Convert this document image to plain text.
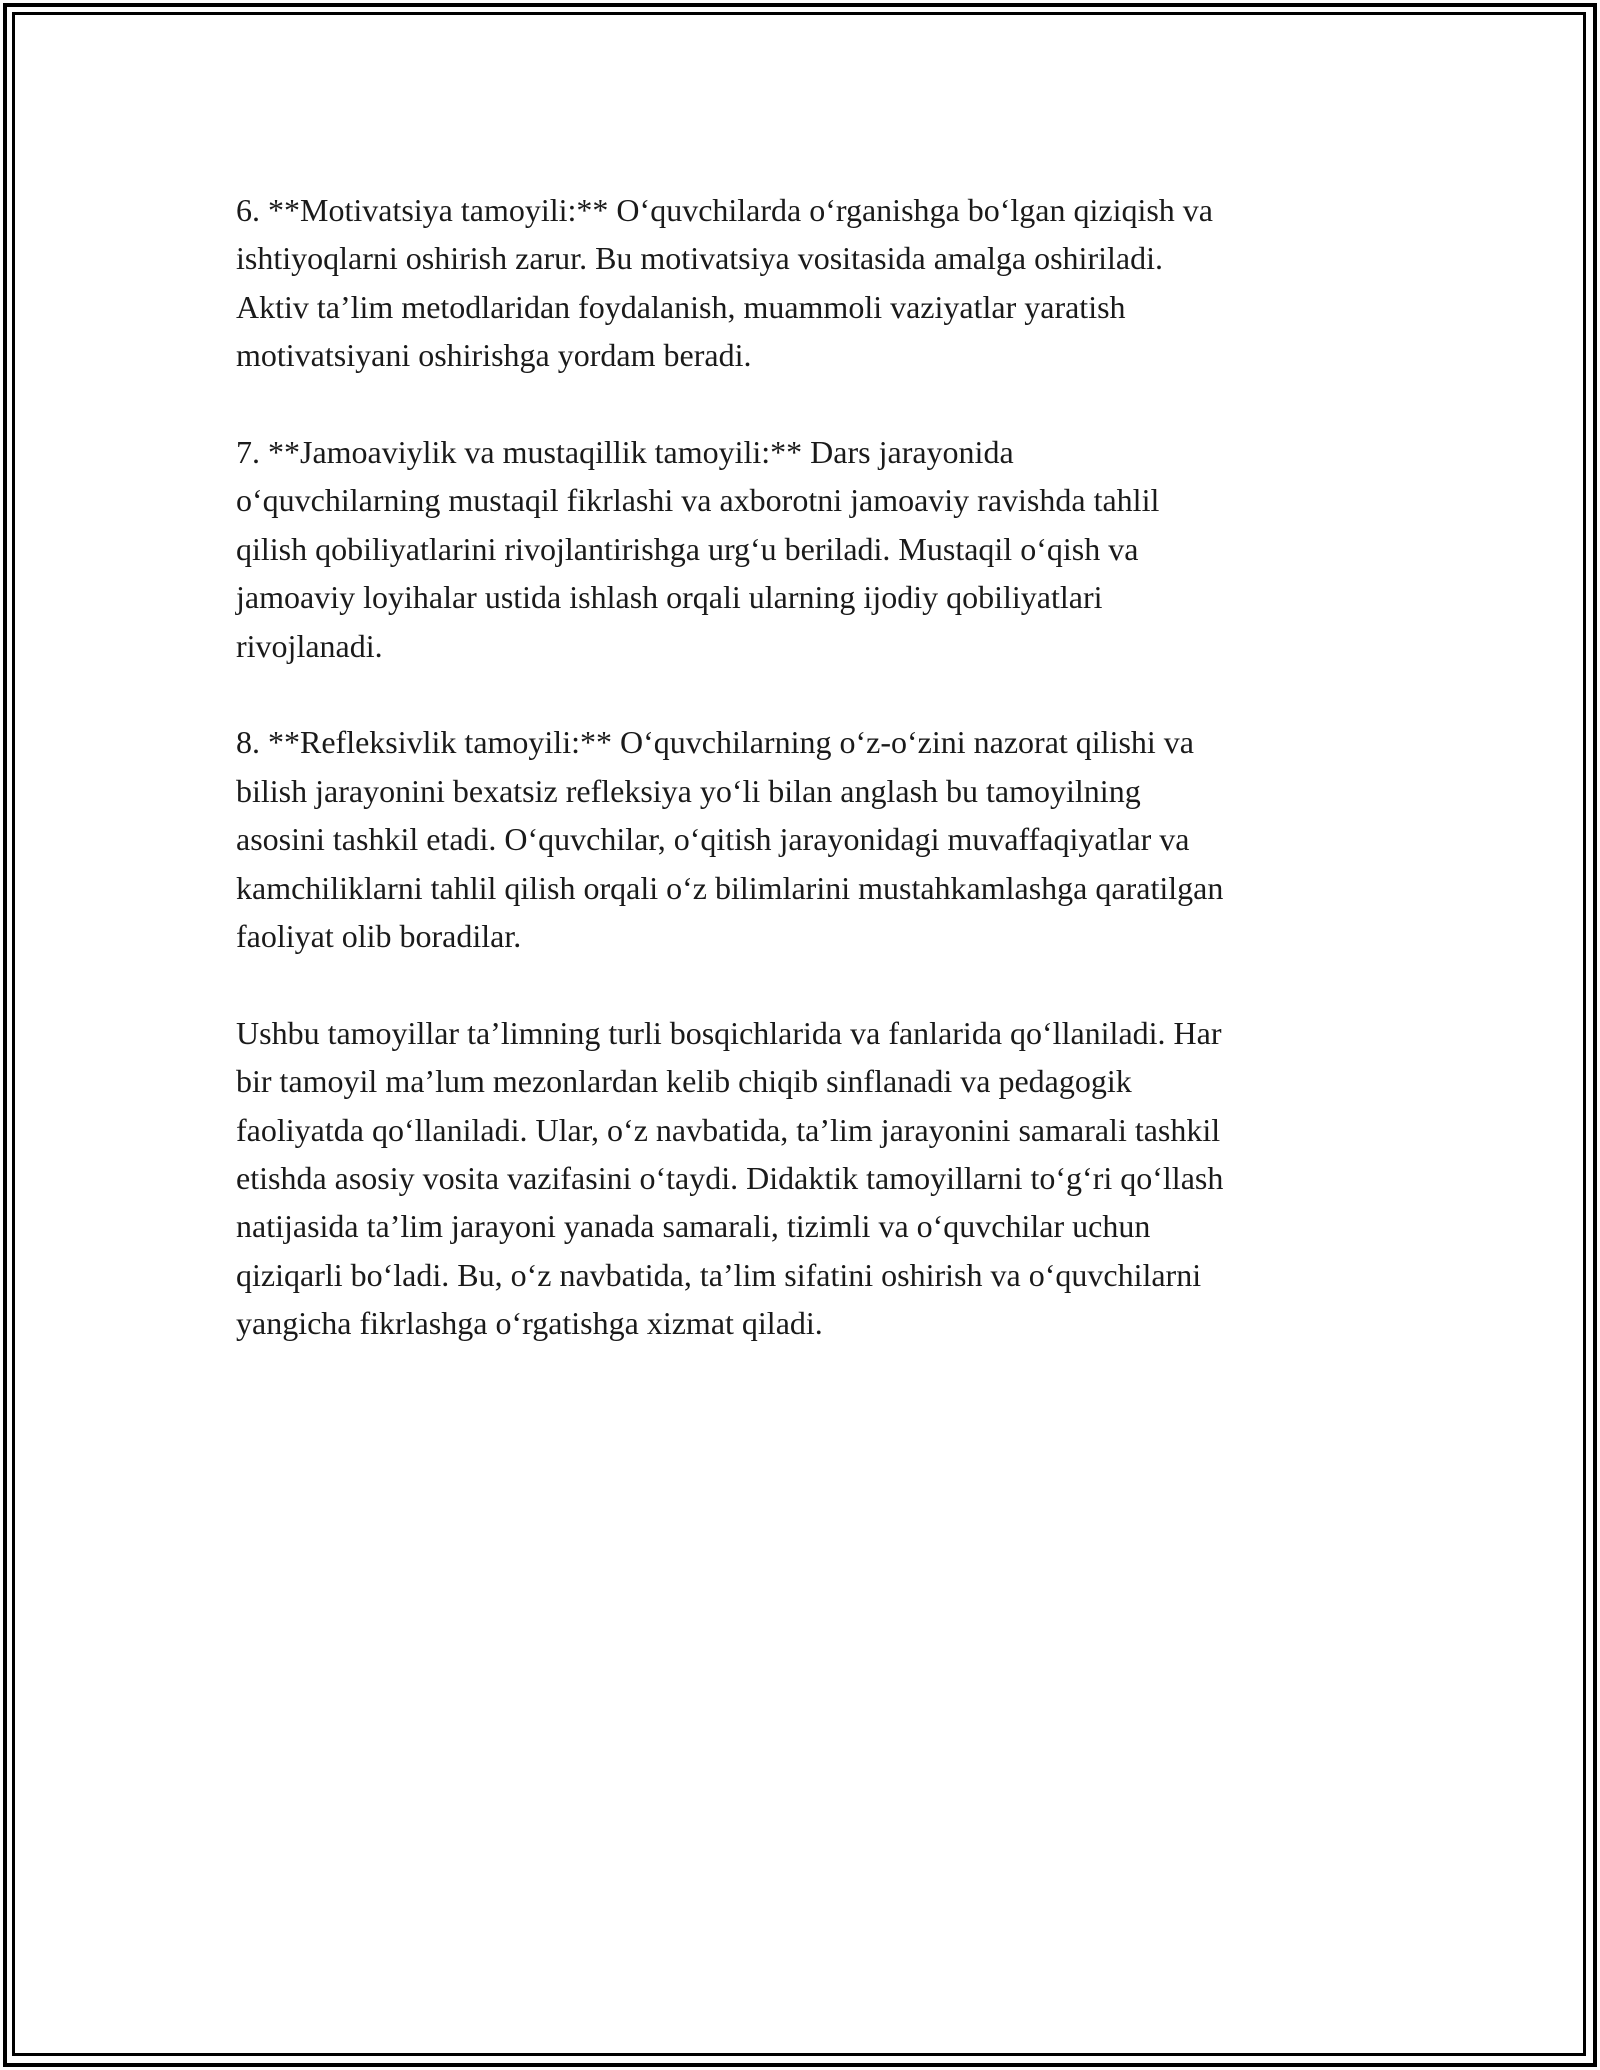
6. **Motivatsiya tamoyili:** O‘quvchilarda o‘rganishga bo‘lgan qiziqish va
ishtiyoqlarni oshirish zarur. Bu motivatsiya vositasida amalga oshiriladi.
Aktiv ta’lim metodlaridan foydalanish, muammoli vaziyatlar yaratish
motivatsiyani oshirishga yordam beradi.

7. **Jamoaviylik va mustaqillik tamoyili:** Dars jarayonida
o‘quvchilarning mustaqil fikrlashi va axborotni jamoaviy ravishda tahlil
qilish qobiliyatlarini rivojlantirishga urg‘u beriladi. Mustaqil o‘qish va
jamoaviy loyihalar ustida ishlash orqali ularning ijodiy qobiliyatlari
rivojlanadi.

8. **Refleksivlik tamoyili:** O‘quvchilarning o‘z-o‘zini nazorat qilishi va
bilish jarayonini bexatsiz refleksiya yo‘li bilan anglash bu tamoyilning
asosini tashkil etadi. O‘quvchilar, o‘qitish jarayonidagi muvaffaqiyatlar va
kamchiliklarni tahlil qilish orqali o‘z bilimlarini mustahkamlashga qaratilgan
faoliyat olib boradilar.

Ushbu tamoyillar ta’limning turli bosqichlarida va fanlarida qo‘llaniladi. Har
bir tamoyil ma’lum mezonlardan kelib chiqib sinflanadi va pedagogik
faoliyatda qo‘llaniladi. Ular, o‘z navbatida, ta’lim jarayonini samarali tashkil
etishda asosiy vosita vazifasini o‘taydi. Didaktik tamoyillarni to‘g‘ri qo‘llash
natijasida ta’lim jarayoni yanada samarali, tizimli va o‘quvchilar uchun
qiziqarli bo‘ladi. Bu, o‘z navbatida, ta’lim sifatini oshirish va o‘quvchilarni
yangicha fikrlashga o‘rgatishga xizmat qiladi.
